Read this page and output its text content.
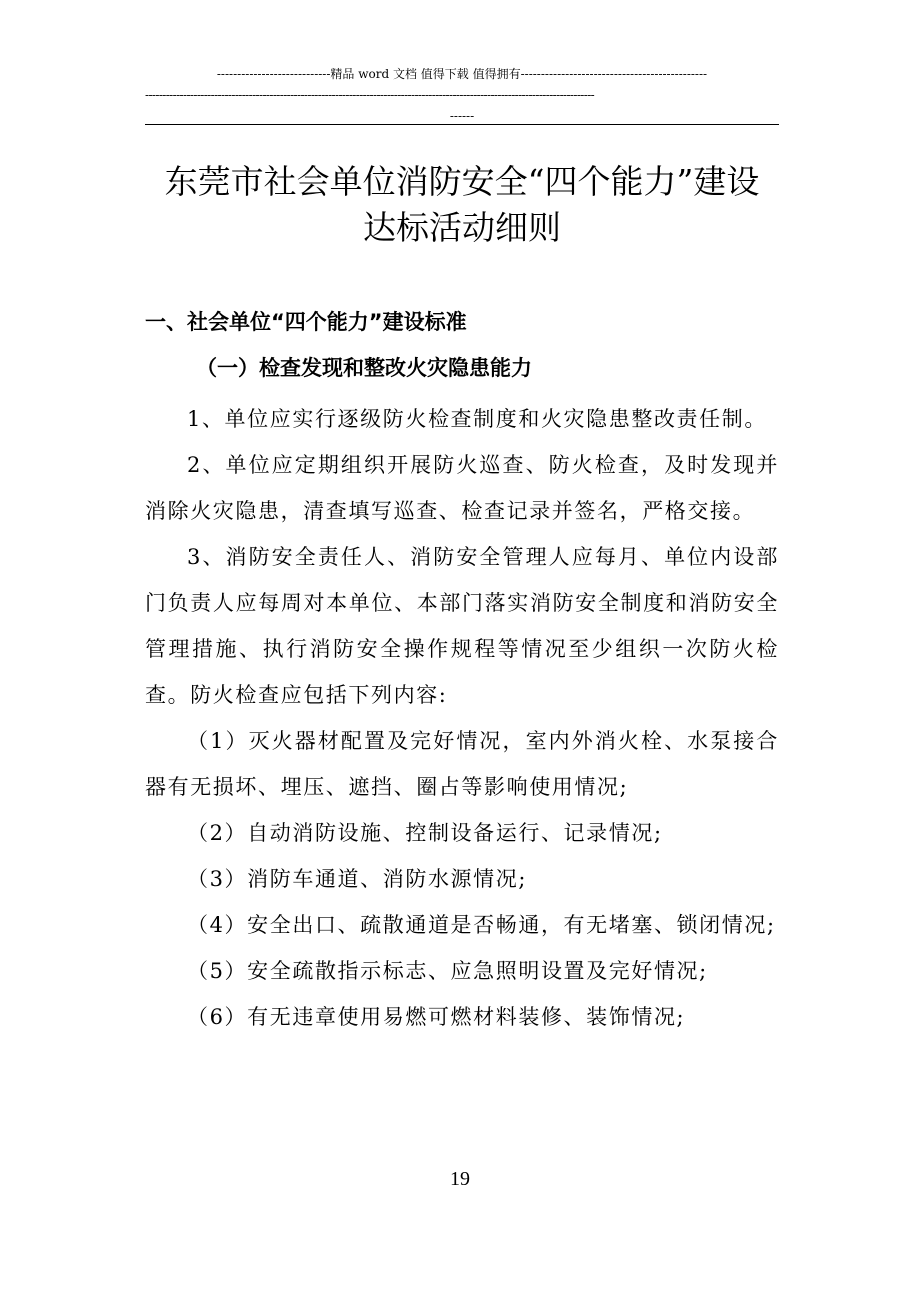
----------------------------精品 word 文档 值得下载 值得拥有----------------------------------------------
----------------------------------------------------------------------------------------------------------------------------------
------
东莞市社会单位消防安全“四个能力”建设
达标活动细则
一、社会单位“四个能力”建设标准
（一）检查发现和整改火灾隐患能力

1、单位应实行逐级防火检查制度和火灾隐患整改责任制。

2、单位应定期组织开展防火巡查、防火检查，及时发现并消除火灾隐患，清查填写巡查、检查记录并签名，严格交接。

3、消防安全责任人、消防安全管理人应每月、单位内设部门负责人应每周对本单位、本部门落实消防安全制度和消防安全管理措施、执行消防安全操作规程等情况至少组织一次防火检查。防火检查应包括下列内容:

（1）灭火器材配置及完好情况，室内外消火栓、水泵接合器有无损坏、埋压、遮挡、圈占等影响使用情况;

（2）自动消防设施、控制设备运行、记录情况;

（3）消防车通道、消防水源情况;

（4）安全出口、疏散通道是否畅通，有无堵塞、锁闭情况;

（5）安全疏散指示标志、应急照明设置及完好情况;

（6）有无违章使用易燃可燃材料装修、装饰情况;

19
